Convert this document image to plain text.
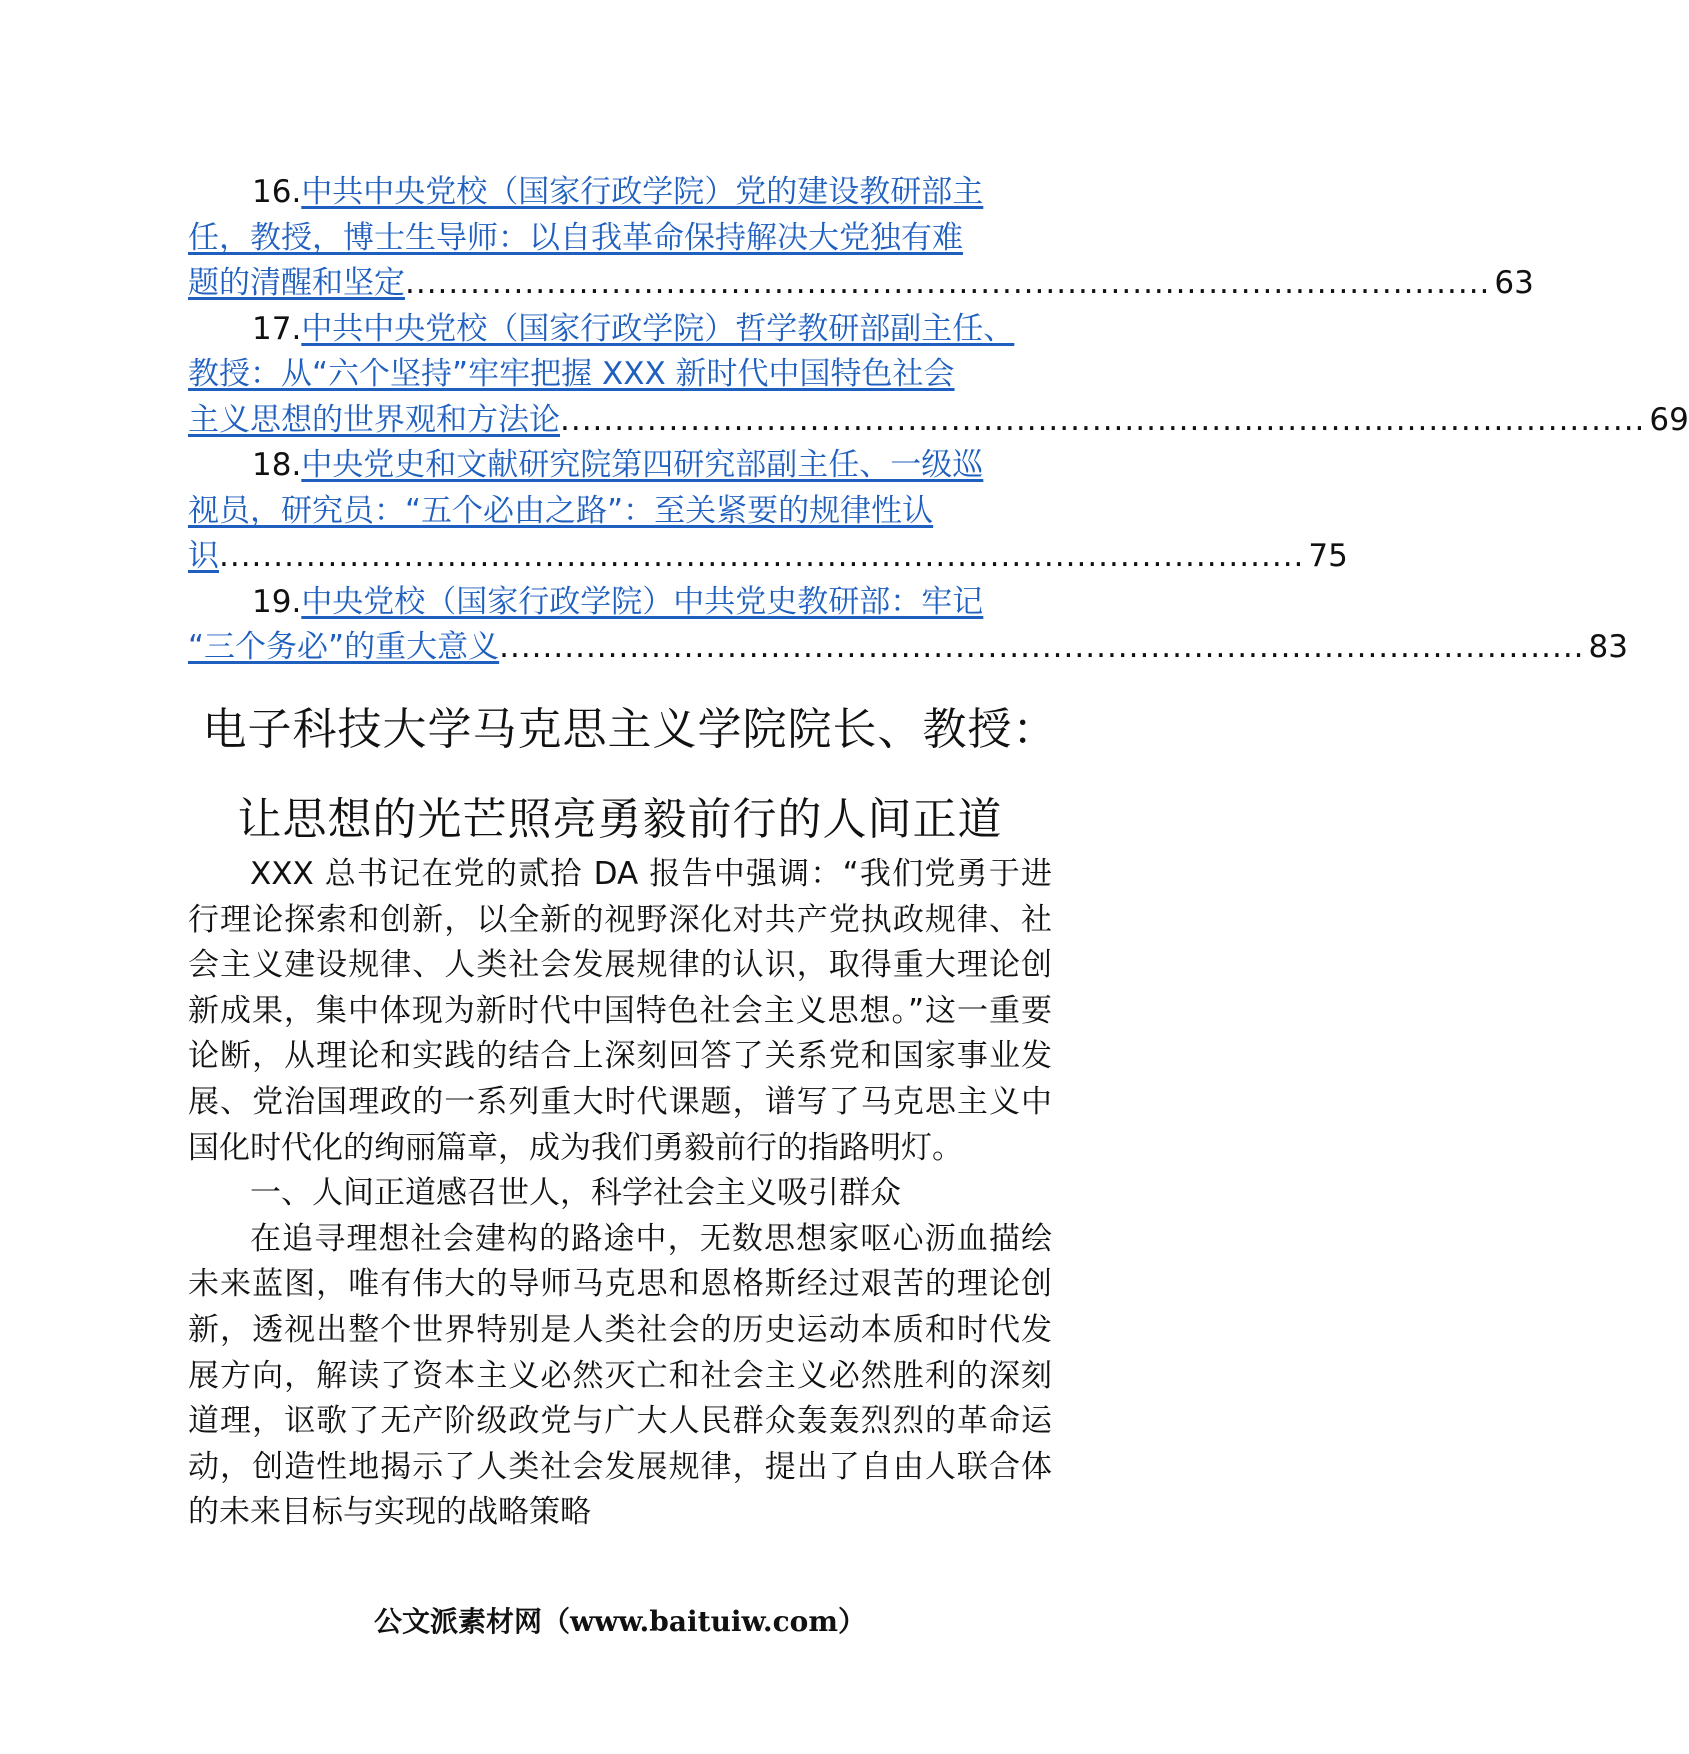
16.中共中央党校（国家行政学院）党的建设教研部主
任，教授，博士生导师：以自我革命保持解决大党独有难
题的清醒和坚定 .................................................................................................... 63
17.中共中央党校（国家行政学院）哲学教研部副主任、
教授：从“六个坚持”牢牢把握 XXX 新时代中国特色社会
主义思想的世界观和方法论 .................................................................................................... 69
18.中央党史和文献研究院第四研究部副主任、一级巡
视员，研究员：“五个必由之路”：至关紧要的规律性认
识 .................................................................................................... 75
19.中央党校（国家行政学院）中共党史教研部：牢记
“三个务必”的重大意义 .................................................................................................... 83
电子科技大学马克思主义学院院长、教授：
让思想的光芒照亮勇毅前行的人间正道

XXX 总书记在党的贰拾 DA 报告中强调：“我们党勇于进行理论探索和创新，以全新的视野深化对共产党执政规律、社会主义建设规律、人类社会发展规律的认识，取得重大理论创新成果，集中体现为新时代中国特色社会主义思想。”这一重要论断，从理论和实践的结合上深刻回答了关系党和国家事业发展、党治国理政的一系列重大时代课题，谱写了马克思主义中国化时代化的绚丽篇章，成为我们勇毅前行的指路明灯。

一、人间正道感召世人，科学社会主义吸引群众

在追寻理想社会建构的路途中，无数思想家呕心沥血描绘未来蓝图，唯有伟大的导师马克思和恩格斯经过艰苦的理论创新，透视出整个世界特别是人类社会的历史运动本质和时代发展方向，解读了资本主义必然灭亡和社会主义必然胜利的深刻道理，讴歌了无产阶级政党与广大人民群众轰轰烈烈的革命运动，创造性地揭示了人类社会发展规律，提出了自由人联合体的未来目标与实现的战略策略

公文派素材网（www.baituiw.com）
